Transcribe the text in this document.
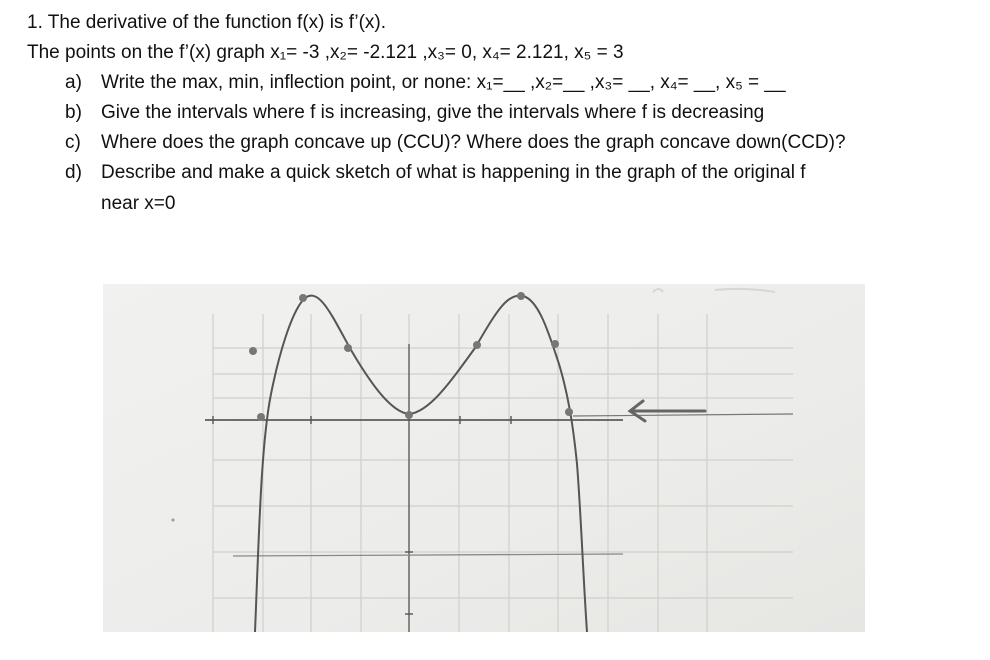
1. The derivative of the function f(x) is f’(x).
The points on the f’(x) graph x₁= -3 ,x₂= -2.121 ,x₃= 0, x₄= 2.121, x₅ = 3
a) Write the max, min, inflection point, or none: x₁=__ ,x₂=__ ,x₃= __, x₄= __, x₅ = __
b) Give the intervals where f is increasing, give the intervals where f is decreasing
c) Where does the graph concave up (CCU)? Where does the graph concave down(CCD)?
d) Describe and make a quick sketch of what is happening in the graph of the original f
near x=0
